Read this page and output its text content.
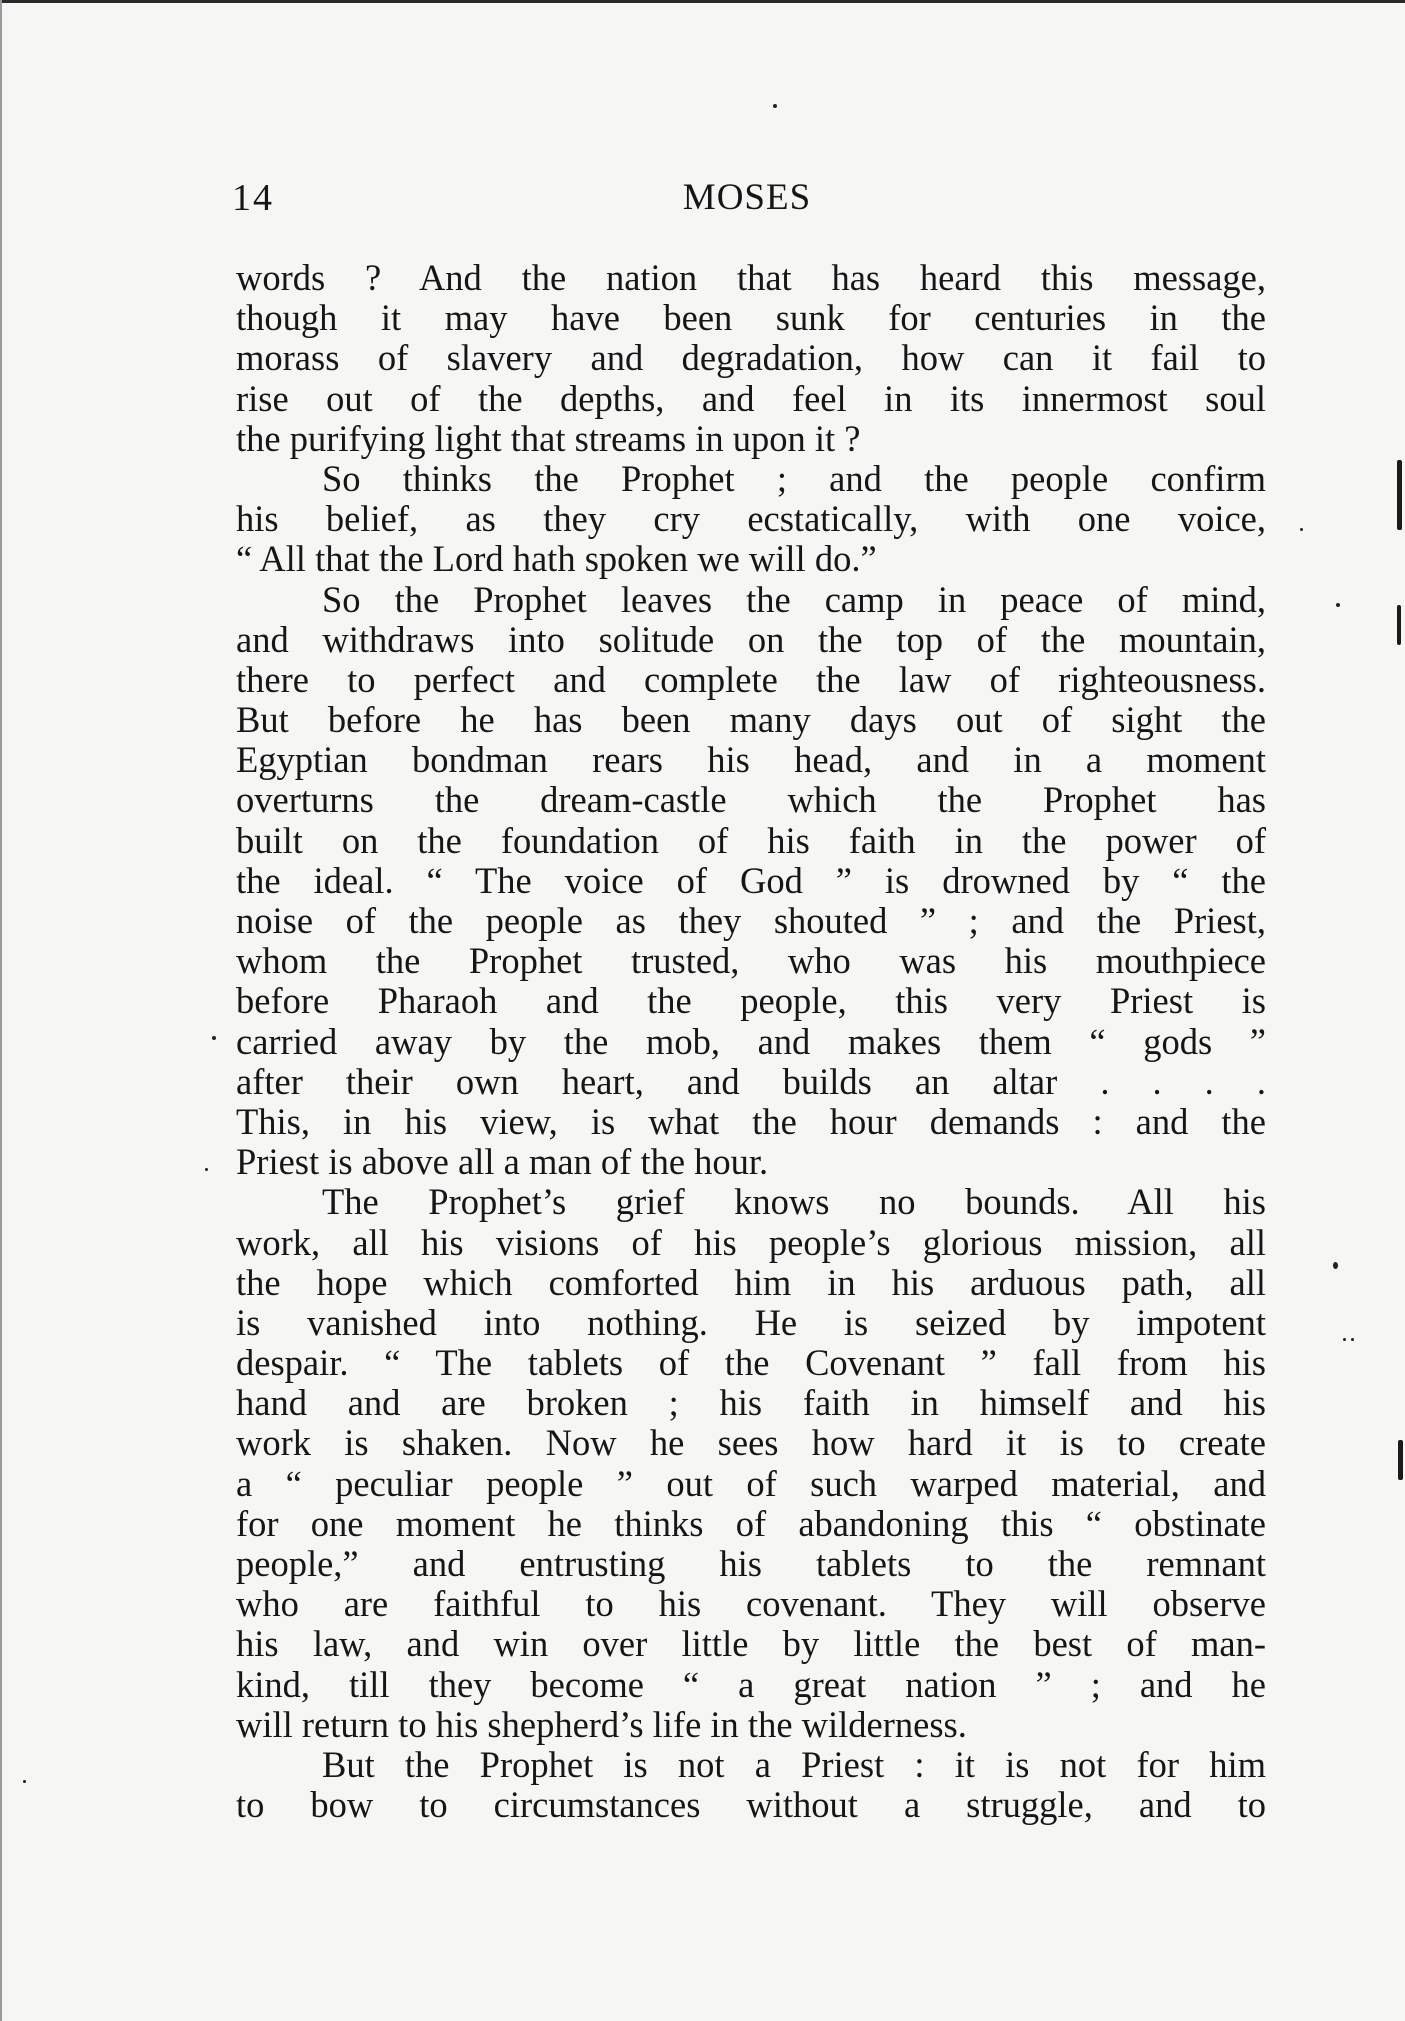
14	MOSES
words ? And the nation that has heard this message,
though it may have been sunk for centuries in the
morass of slavery and degradation, how can it fail to
rise out of the depths, and feel in its innermost soul
the purifying light that streams in upon it ?
So thinks the Prophet ; and the people confirm
his belief, as they cry ecstatically, with one voice,
“ All that the Lord hath spoken we will do.”
So the Prophet leaves the camp in peace of mind,
and withdraws into solitude on the top of the mountain,
there to perfect and complete the law of righteousness.
But before he has been many days out of sight the
Egyptian bondman rears his head, and in a moment
overturns the dream-castle which the Prophet has
built on the foundation of his faith in the power of
the ideal. “ The voice of God ” is drowned by “ the
noise of the people as they shouted ” ; and the Priest,
whom the Prophet trusted, who was his mouthpiece
before Pharaoh and the people, this very Priest is
carried away by the mob, and makes them “ gods ”
after their own heart, and builds an altar . . . .
This, in his view, is what the hour demands : and the
Priest is above all a man of the hour.
The Prophet’s grief knows no bounds. All his
work, all his visions of his people’s glorious mission, all
the hope which comforted him in his arduous path, all
is vanished into nothing. He is seized by impotent
despair. “ The tablets of the Covenant ” fall from his
hand and are broken ; his faith in himself and his
work is shaken. Now he sees how hard it is to create
a “ peculiar people ” out of such warped material, and
for one moment he thinks of abandoning this “ obstinate
people,” and entrusting his tablets to the remnant
who are faithful to his covenant. They will observe
his law, and win over little by little the best of man-
kind, till they become “ a great nation ” ; and he
will return to his shepherd’s life in the wilderness.
But the Prophet is not a Priest : it is not for him
to bow to circumstances without a struggle, and to
